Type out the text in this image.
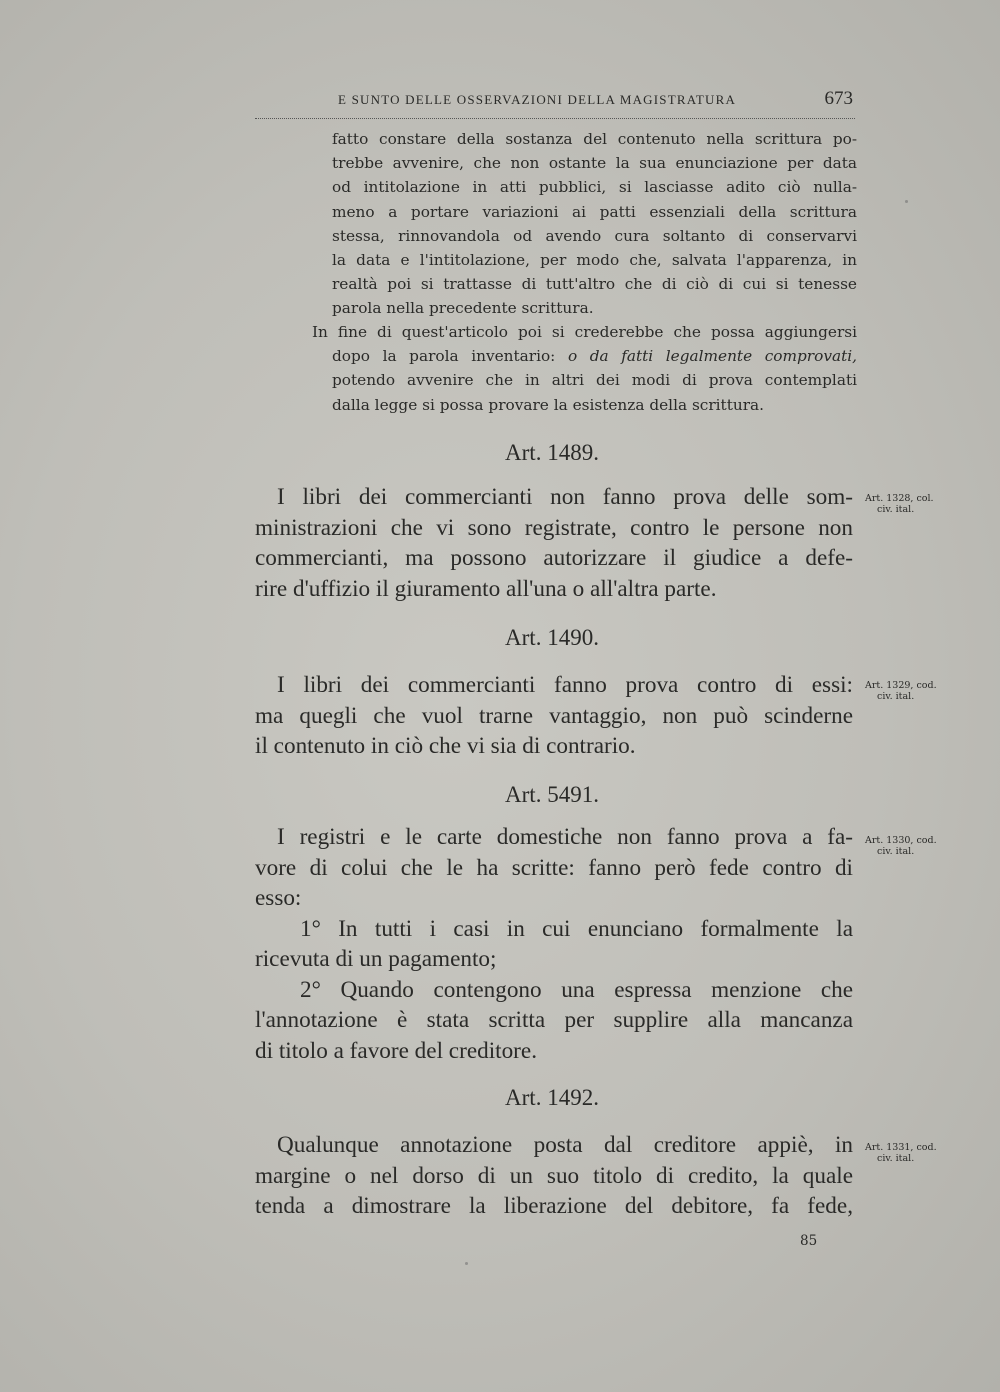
E SUNTO DELLE OSSERVAZIONI DELLA MAGISTRATURA	673
fatto constare della sostanza del contenuto nella scrittura po-
trebbe avvenire, che non ostante la sua enunciazione per data
od intitolazione in atti pubblici, si lasciasse adito ciò nulla-
meno a portare variazioni ai patti essenziali della scrittura
stessa, rinnovandola od avendo cura soltanto di conservarvi
la data e l'intitolazione, per modo che, salvata l'apparenza, in
realtà poi si trattasse di tutt'altro che di ciò di cui si tenesse
parola nella precedente scrittura.
In fine di quest'articolo poi si crederebbe che possa aggiungersi
dopo la parola inventario: o da fatti legalmente comprovati,
potendo avvenire che in altri dei modi di prova contemplati
dalla legge si possa provare la esistenza della scrittura.
Art. 1489.
I libri dei commercianti non fanno prova delle som-
ministrazioni che vi sono registrate, contro le persone non
commercianti, ma possono autorizzare il giudice a defe-
rire d'uffizio il giuramento all'una o all'altra parte.
Art. 1328, col.
civ. ital.
Art. 1490.
I libri dei commercianti fanno prova contro di essi:
ma quegli che vuol trarne vantaggio, non può scinderne
il contenuto in ciò che vi sia di contrario.
Art. 1329, cod.
civ. ital.
Art. 5491.
I registri e le carte domestiche non fanno prova a fa-
vore di colui che le ha scritte: fanno però fede contro di
esso:
1° In tutti i casi in cui enunciano formalmente la
ricevuta di un pagamento;
2° Quando contengono una espressa menzione che
l'annotazione è stata scritta per supplire alla mancanza
di titolo a favore del creditore.
Art. 1330, cod.
civ. ital.
Art. 1492.
Qualunque annotazione posta dal creditore appiè, in
margine o nel dorso di un suo titolo di credito, la quale
tenda a dimostrare la liberazione del debitore, fa fede,
Art. 1331, cod.
civ. ital.
85
